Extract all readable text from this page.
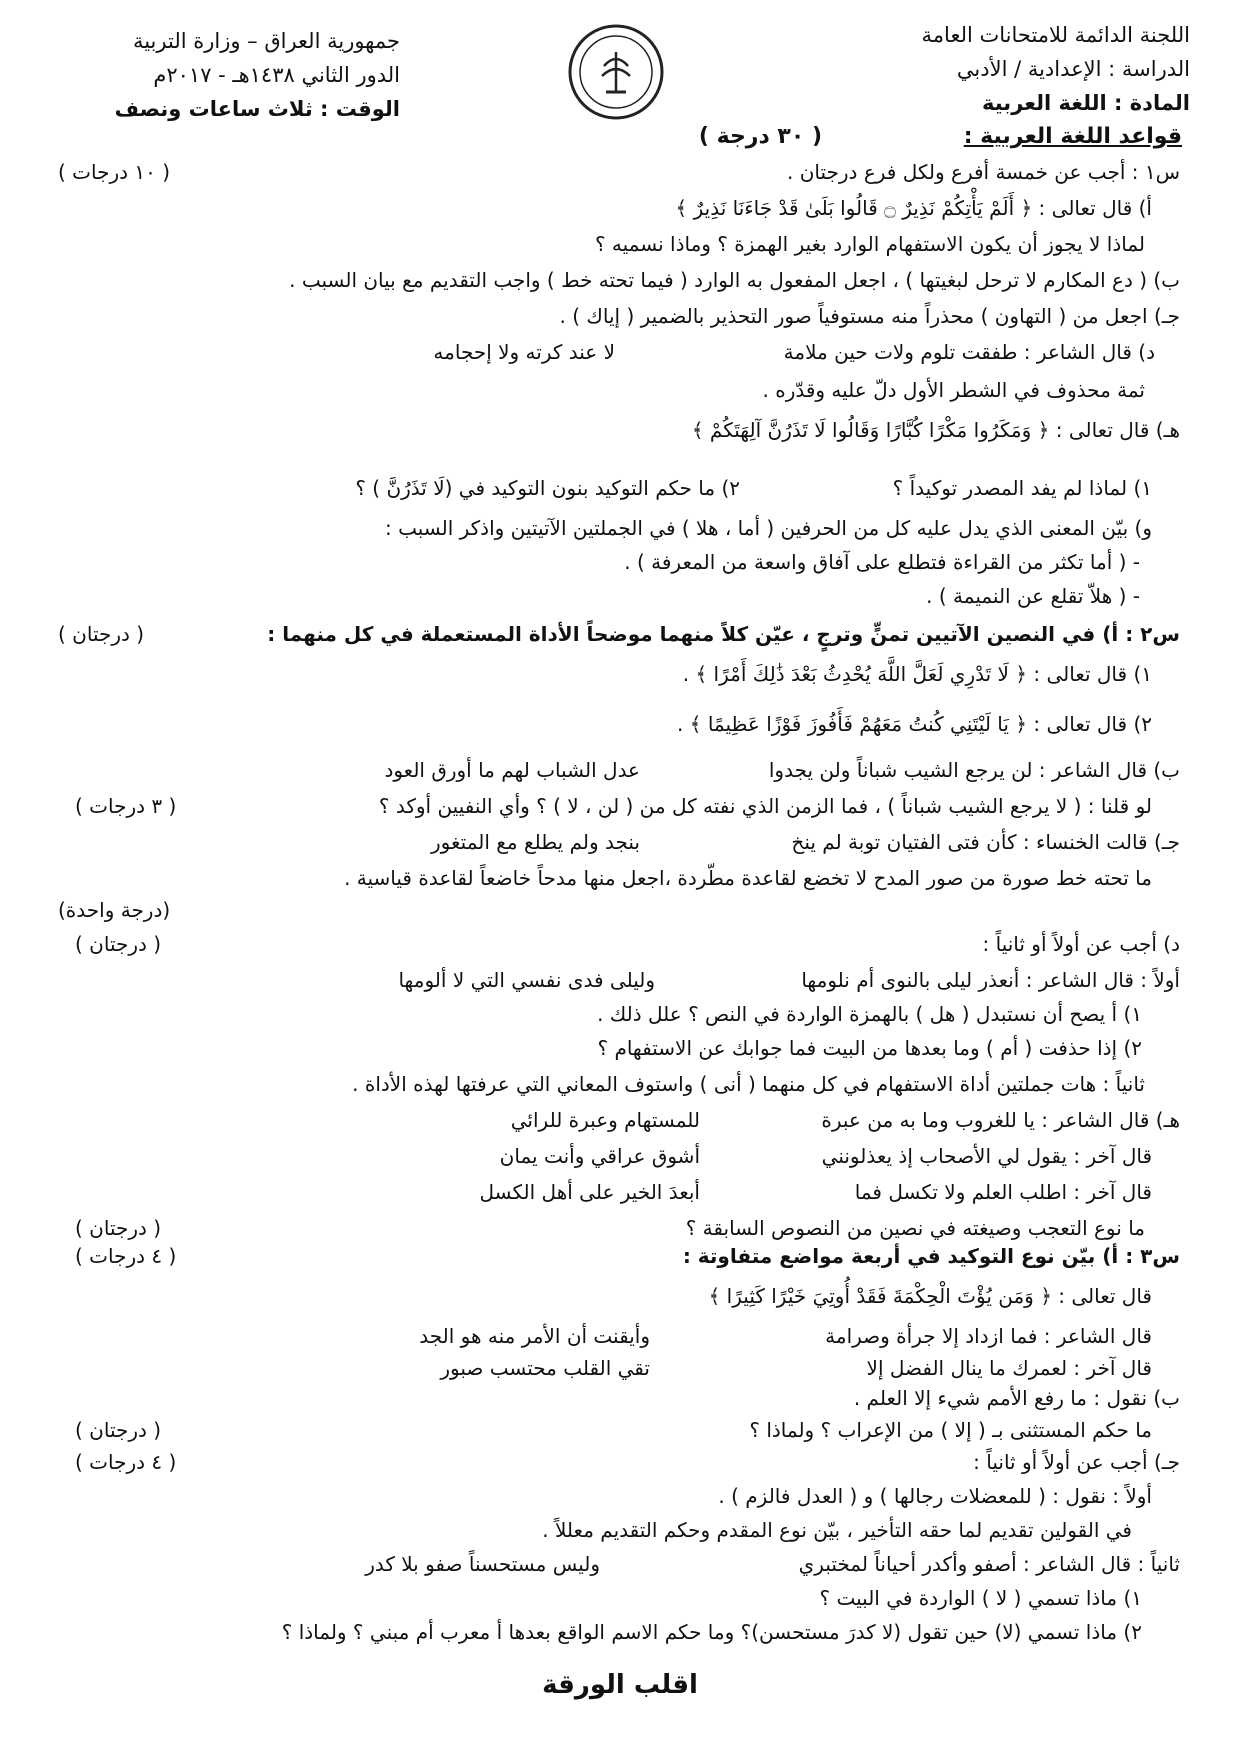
اللجنة الدائمة للامتحانات العامة
الدراسة : الإعدادية / الأدبي
المادة : اللغة العربية
جمهورية العراق – وزارة التربية
الدور الثاني ١٤٣٨هـ - ٢٠١٧م
الوقت : ثلاث ساعات ونصف
قواعد اللغة العربية :
( ٣٠ درجة )
س١ : أجب عن خمسة أفرع ولكل فرع درجتان .
( ١٠ درجات )
أ) قال تعالى : ﴿ أَلَمْ يَأْتِكُمْ نَذِيرٌ ۝ قَالُوا بَلَىٰ قَدْ جَاءَنَا نَذِيرٌ ﴾
لماذا لا يجوز أن يكون الاستفهام الوارد بغير الهمزة ؟ وماذا نسميه ؟
ب) ( دع المكارم لا ترحل لبغيتها ) ، اجعل المفعول به الوارد ( فيما تحته خط ) واجب التقديم مع بيان السبب .
جـ) اجعل من ( التهاون ) محذراً منه مستوفياً صور التحذير بالضمير ( إياك ) .
د) قال الشاعر : طفقت تلوم ولات حين ملامة
لا عند كرته ولا إحجامه
ثمة محذوف في الشطر الأول دلّ عليه وقدّره .
هـ) قال تعالى : ﴿ وَمَكَرُوا مَكْرًا كُبَّارًا وَقَالُوا لَا تَذَرُنَّ آلِهَتَكُمْ ﴾
١) لماذا لم يفد المصدر توكيداً ؟
٢) ما حكم التوكيد بنون التوكيد في (لَا تَذَرُنَّ ) ؟
و) بيّن المعنى الذي يدل عليه كل من الحرفين ( أما ، هلا ) في الجملتين الآتيتين واذكر السبب :
- ( أما تكثر من القراءة فتطلع على آفاق واسعة من المعرفة ) .
- ( هلاّ تقلع عن النميمة ) .
س٢ : أ) في النصين الآتيين تمنٍّ وترجٍ ، عيّن كلاً منهما موضحاً الأداة المستعملة في كل منهما :
( درجتان )
١) قال تعالى : ﴿ لَا تَدْرِي لَعَلَّ اللَّهَ يُحْدِثُ بَعْدَ ذَٰلِكَ أَمْرًا ﴾ .
٢) قال تعالى : ﴿ يَا لَيْتَنِي كُنتُ مَعَهُمْ فَأَفُوزَ فَوْزًا عَظِيمًا ﴾ .
ب) قال الشاعر : لن يرجع الشيب شباناً ولن يجدوا
عدل الشباب لهم ما أورق العود
لو قلنا : ( لا يرجع الشيب شباناً ) ، فما الزمن الذي نفته كل من ( لن ، لا ) ؟ وأي النفيين أوكد ؟
( ٣ درجات )
جـ) قالت الخنساء : كأن فتى الفتيان توبة لم ينخ
بنجد ولم يطلع مع المتغور
ما تحته خط صورة من صور المدح لا تخضع لقاعدة مطّردة ،اجعل منها مدحاً خاضعاً لقاعدة قياسية .
(درجة واحدة)
د) أجب عن أولاً أو ثانياً :
( درجتان )
أولاً : قال الشاعر : أنعذر ليلى بالنوى أم نلومها
وليلى فدى نفسي التي لا ألومها
١) أ يصح أن نستبدل ( هل ) بالهمزة الواردة في النص ؟ علل ذلك .
٢) إذا حذفت ( أم ) وما بعدها من البيت فما جوابك عن الاستفهام ؟
ثانياً : هات جملتين أداة الاستفهام في كل منهما ( أنى ) واستوف المعاني التي عرفتها لهذه الأداة .
هـ) قال الشاعر : يا للغروب وما به من عبرة
للمستهام وعبرة للرائي
قال آخر : يقول لي الأصحاب إذ يعذلونني
أشوق عراقي وأنت يمان
قال آخر : اطلب العلم ولا تكسل فما
أبعدَ الخير على أهل الكسل
ما نوع التعجب وصيغته في نصين من النصوص السابقة ؟
( درجتان )
س٣ : أ) بيّن نوع التوكيد في أربعة مواضع متفاوتة :
( ٤ درجات )
قال تعالى : ﴿ وَمَن يُؤْتَ الْحِكْمَةَ فَقَدْ أُوتِيَ خَيْرًا كَثِيرًا ﴾
قال الشاعر : فما ازداد إلا جرأة وصرامة
وأيقنت أن الأمر منه هو الجد
قال آخر : لعمرك ما ينال الفضل إلا
تقي القلب محتسب صبور
ب) نقول : ما رفع الأمم شيء إلا العلم .
ما حكم المستثنى بـ ( إلا ) من الإعراب ؟ ولماذا ؟
( درجتان )
جـ) أجب عن أولاً أو ثانياً :
( ٤ درجات )
أولاً : نقول : ( للمعضلات رجالها ) و ( العدل فالزم ) .
في القولين تقديم لما حقه التأخير ، بيّن نوع المقدم وحكم التقديم معللاً .
ثانياً : قال الشاعر : أصفو وأكدر أحياناً لمختبري
وليس مستحسناً صفو بلا كدر
١) ماذا تسمي ( لا ) الواردة في البيت ؟
٢) ماذا تسمي (لا) حين تقول (لا كدرَ مستحسن)؟ وما حكم الاسم الواقع بعدها أ معرب أم مبني ؟ ولماذا ؟
اقلب الورقة
